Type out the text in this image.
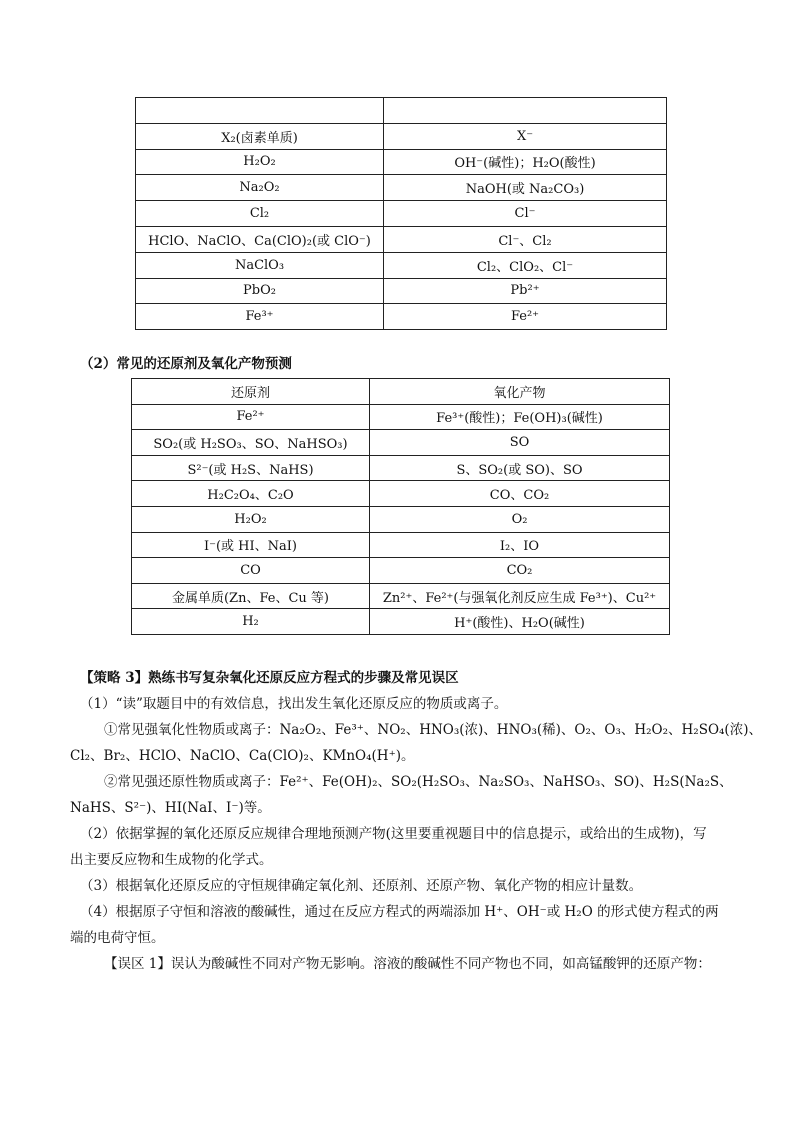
X₂(卤素单质)	X⁻
H₂O₂	OH⁻(碱性)；H₂O(酸性)
Na₂O₂	NaOH(或 Na₂CO₃)
Cl₂	Cl⁻
HClO、NaClO、Ca(ClO)₂(或 ClO⁻)	Cl⁻、Cl₂
NaClO₃	Cl₂、ClO₂、Cl⁻
PbO₂	Pb²⁺
Fe³⁺	Fe²⁺
（2）常见的还原剂及氧化产物预测
还原剂	氧化产物
Fe²⁺	Fe³⁺(酸性)；Fe(OH)₃(碱性)
SO₂(或 H₂SO₃、SO、NaHSO₃)	SO
S²⁻(或 H₂S、NaHS)	S、SO₂(或 SO)、SO
H₂C₂O₄、C₂O	CO、CO₂
H₂O₂	O₂
I⁻(或 HI、NaI)	I₂、IO
CO	CO₂
金属单质(Zn、Fe、Cu 等)	Zn²⁺、Fe²⁺(与强氧化剂反应生成 Fe³⁺)、Cu²⁺
H₂	H⁺(酸性)、H₂O(碱性)
【策略 3】熟练书写复杂氧化还原反应方程式的步骤及常见误区
（1）“读”取题目中的有效信息，找出发生氧化还原反应的物质或离子。
①常见强氧化性物质或离子：Na₂O₂、Fe³⁺、NO₂、HNO₃(浓)、HNO₃(稀)、O₂、O₃、H₂O₂、H₂SO₄(浓)、
Cl₂、Br₂、HClO、NaClO、Ca(ClO)₂、KMnO₄(H⁺)。
②常见强还原性物质或离子：Fe²⁺、Fe(OH)₂、SO₂(H₂SO₃、Na₂SO₃、NaHSO₃、SO)、H₂S(Na₂S、
NaHS、S²⁻)、HI(NaI、I⁻)等。
（2）依据掌握的氧化还原反应规律合理地预测产物(这里要重视题目中的信息提示，或给出的生成物)，写
出主要反应物和生成物的化学式。
（3）根据氧化还原反应的守恒规律确定氧化剂、还原剂、还原产物、氧化产物的相应计量数。
（4）根据原子守恒和溶液的酸碱性，通过在反应方程式的两端添加 H⁺、OH⁻或 H₂O 的形式使方程式的两
端的电荷守恒。
【误区 1】误认为酸碱性不同对产物无影响。溶液的酸碱性不同产物也不同，如高锰酸钾的还原产物：
